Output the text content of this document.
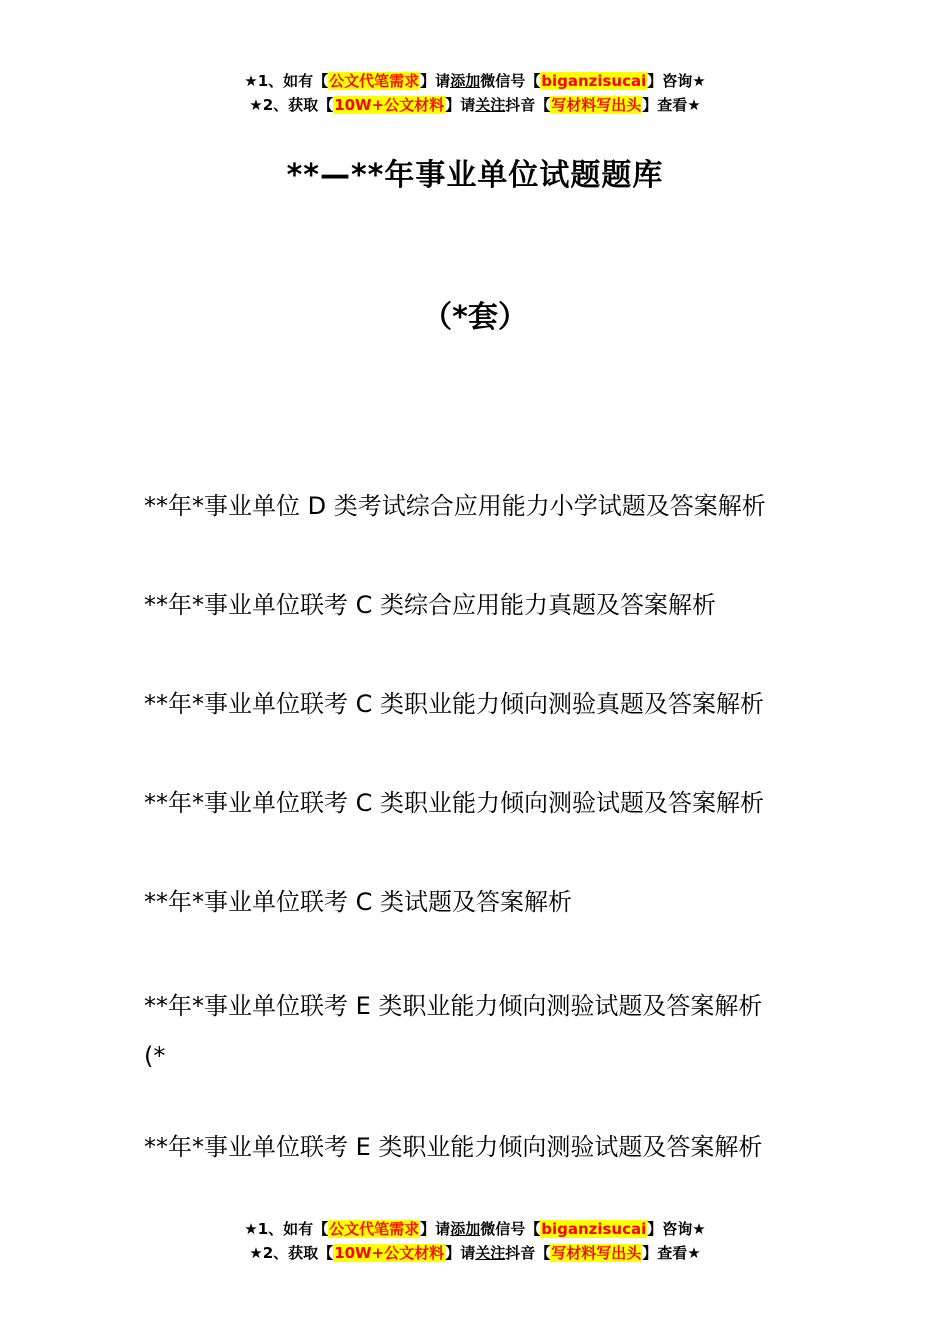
★1、如有【公文代笔需求】请添加微信号【biganzisucai】咨询★
★2、获取【10W+公文材料】请关注抖音【写材料写出头】查看★
**—**年事业单位试题题库
（*套）
**年*事业单位 D 类考试综合应用能力小学试题及答案解析
**年*事业单位联考 C 类综合应用能力真题及答案解析
**年*事业单位联考 C 类职业能力倾向测验真题及答案解析
**年*事业单位联考 C 类职业能力倾向测验试题及答案解析
**年*事业单位联考 C 类试题及答案解析
**年*事业单位联考 E 类职业能力倾向测验试题及答案解析
(*
**年*事业单位联考 E 类职业能力倾向测验试题及答案解析
★1、如有【公文代笔需求】请添加微信号【biganzisucai】咨询★
★2、获取【10W+公文材料】请关注抖音【写材料写出头】查看★
